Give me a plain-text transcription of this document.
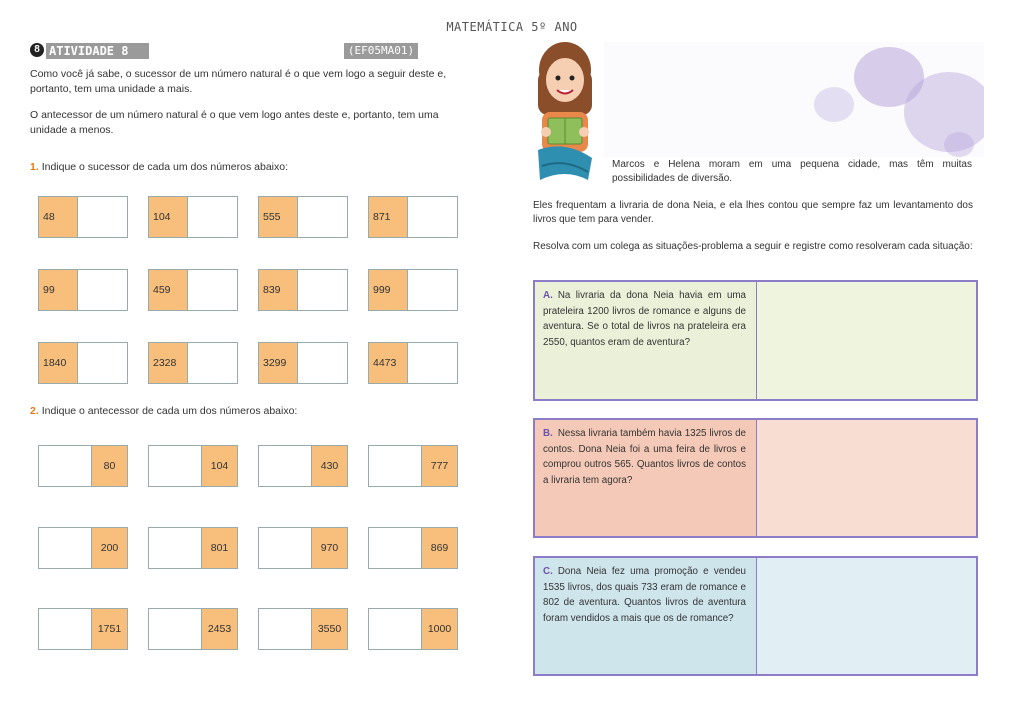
MATEMÁTICA 5º ANO
8 ATIVIDADE 8	(EF05MA01)
Como você já sabe, o sucessor de um número natural é o que vem logo a seguir deste e, portanto, tem uma unidade a mais.
O antecessor de um número natural é o que vem logo antes deste e, portanto, tem uma unidade a menos.
1. Indique o sucessor de cada um dos números abaixo:
48	104	555	871
99	459	839	999
1840	2328	3299	4473
2. Indique o antecessor de cada um dos números abaixo:
80	104	430	777
200	801	970	869
1751	2453	3550	1000
Marcos e Helena moram em uma pequena cidade, mas têm muitas possibilidades de diversão.
Eles frequentam a livraria de dona Neia, e ela lhes contou que sempre faz um levantamento dos livros que tem para vender.
Resolva com um colega as situações-problema a seguir e registre como resolveram cada situação:
A. Na livraria da dona Neia havia em uma prateleira 1200 livros de romance e alguns de aventura. Se o total de livros na prateleira era 2550, quantos eram de aventura?
B. Nessa livraria também havia 1325 livros de contos. Dona Neia foi a uma feira de livros e comprou outros 565. Quantos livros de contos a livraria tem agora?
C. Dona Neia fez uma promoção e vendeu 1535 livros, dos quais 733 eram de romance e 802 de aventura. Quantos livros de aventura foram vendidos a mais que os de romance?
